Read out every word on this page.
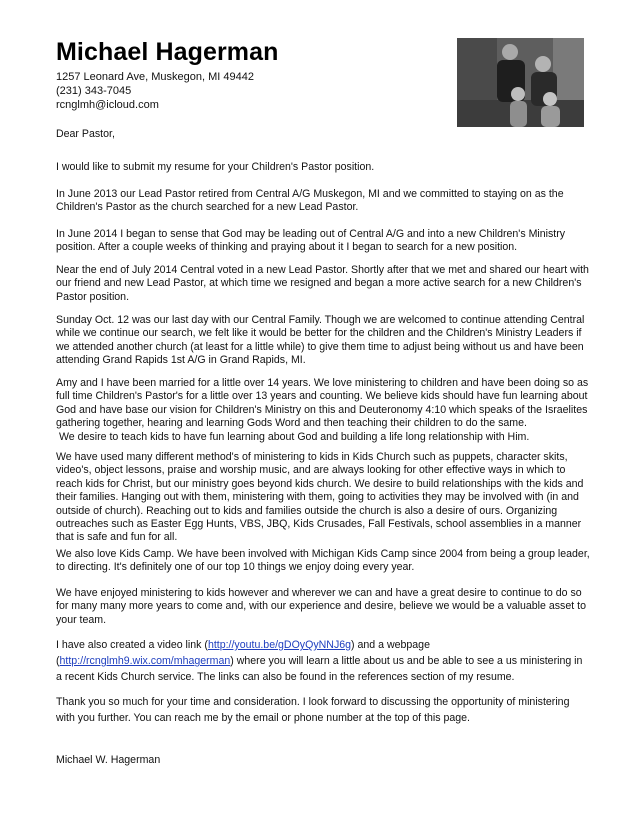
Michael Hagerman
1257 Leonard Ave, Muskegon, MI 49442
(231) 343-7045
rcnglmh@icloud.com
Dear Pastor,

I would like to submit my resume for your Children's Pastor position.

In June 2013 our Lead Pastor retired from Central A/G Muskegon, MI and we committed to staying on as the Children's Pastor as the church searched for a new Lead Pastor.

In June 2014 I began to sense that God may be leading out of Central A/G and into a new Children's Ministry position. After a couple weeks of thinking and praying about it I began to search for a new position.

Near the end of July 2014 Central voted in a new Lead Pastor. Shortly after that we met and shared our heart with our friend and new Lead Pastor, at which time we resigned and began a more active search for a new Children's Pastor position.

Sunday Oct. 12 was our last day with our Central Family. Though we are welcomed to continue attending Central while we continue our search, we felt like it would be better for the children and the Children's Ministry Leaders if we attended another church (at least for a little while) to give them time to adjust being without us and have been attending Grand Rapids 1st A/G in Grand Rapids, MI.

Amy and I have been married for a little over 14 years. We love ministering to children and have been doing so as full time Children's Pastor's for a little over 13 years and counting. We believe kids should have fun learning about God and have base our vision for Children's Ministry on this and Deuteronomy 4:10 which speaks of the Israelites gathering together, hearing and learning Gods Word and then teaching their children to do the same.

We desire to teach kids to have fun learning about God and building a life long relationship with Him.

We have used many different method's of ministering to kids in Kids Church such as puppets, character skits, video's, object lessons, praise and worship music, and are always looking for other effective ways in which to reach kids for Christ, but our ministry goes beyond kids church. We desire to build relationships with the kids and their families. Hanging out with them, ministering with them, going to activities they may be involved with (in and outside of church). Reaching out to kids and families outside the church is also a desire of ours. Organizing outreaches such as Easter Egg Hunts, VBS, JBQ, Kids Crusades, Fall Festivals, school assemblies in a manner that is safe and fun for all.

We also love Kids Camp. We have been involved with Michigan Kids Camp since 2004 from being a group leader, to directing. It's definitely one of our top 10 things we enjoy doing every year.

We have enjoyed ministering to kids however and wherever we can and have a great desire to continue to do so for many many more years to come and, with our experience and desire, believe we would be a valuable asset to your team.

I have also created a video link (http://youtu.be/gDOyQyNNJ6g) and a webpage (http://rcnglmh9.wix.com/mhagerman) where you will learn a little about us and be able to see a us ministering in a recent Kids Church service. The links can also be found in the references section of my resume.

Thank you so much for your time and consideration. I look forward to discussing the opportunity of ministering with you further. You can reach me by the email or phone number at the top of this page.

Michael W. Hagerman
